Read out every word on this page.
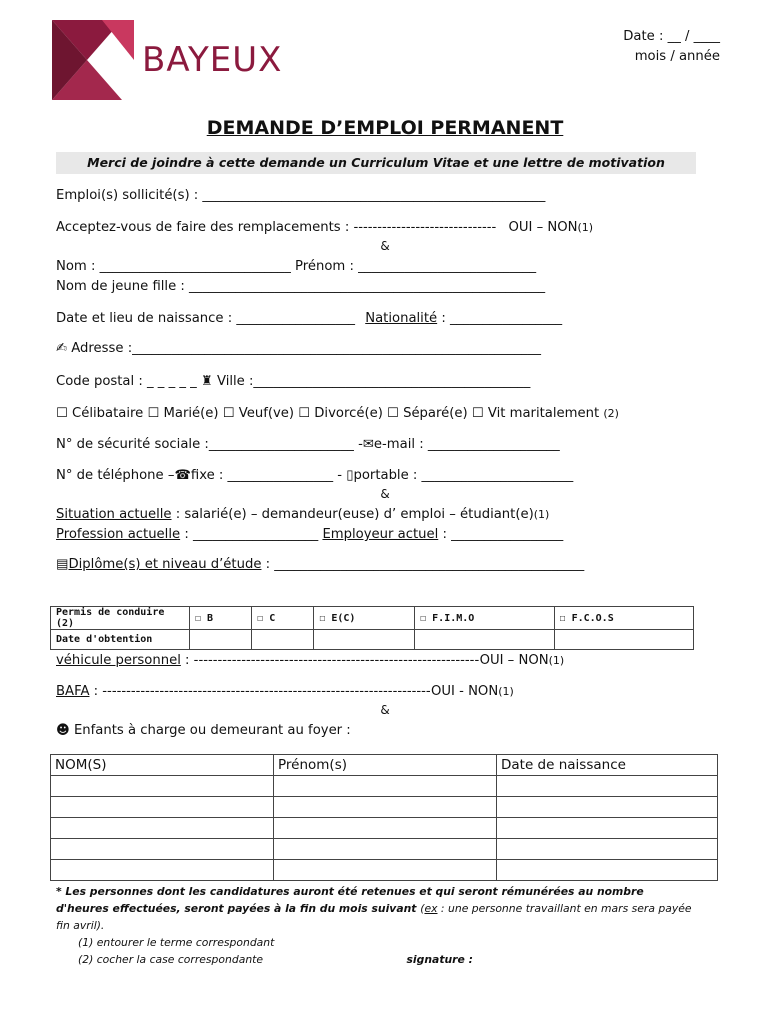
BAYEUX
Date : __ / ____
mois / année
DEMANDE D’EMPLOI PERMANENT
Merci de joindre à cette demande un Curriculum Vitae et une lettre de motivation
Emploi(s) sollicité(s) : ____________________________________________________
Acceptez-vous de faire des remplacements : ------------------------------ OUI – NON(1)
&
Nom : _____________________________ Prénom : ___________________________
Nom de jeune fille : ______________________________________________________
Date et lieu de naissance : __________________ Nationalité : _________________
✍ Adresse :______________________________________________________________
Code postal : _ _ _ _ _ ♜ Ville :__________________________________________
☐ Célibataire ☐ Marié(e) ☐ Veuf(ve) ☐ Divorcé(e) ☐ Séparé(e) ☐ Vit maritalement (2)
N° de sécurité sociale :______________________ -✉e-mail : ____________________
N° de téléphone –☎fixe : ________________ - ▯portable : _______________________
&
Situation actuelle : salarié(e) – demandeur(euse) d’ emploi – étudiant(e)(1)
Profession actuelle : ___________________ Employeur actuel : _________________
▤Diplôme(s) et niveau d’étude : _______________________________________________
Permis de conduire (2)	☐ B	☐ C	☐ E(C)	☐ F.I.M.O	☐ F.C.O.S
Date d'obtention					
véhicule personnel : ------------------------------------------------------------OUI – NON(1)
BAFA : ---------------------------------------------------------------------OUI - NON(1)
&
☻ Enfants à charge ou demeurant au foyer :
NOM(S)	Prénom(s)	Date de naissance

* Les personnes dont les candidatures auront été retenues et qui seront rémunérées au nombre d'heures effectuées, seront payées à la fin du mois suivant (ex : une personne travaillant en mars sera payée fin avril).
(1) entourer le terme correspondant
(2) cocher la case correspondante	signature :
